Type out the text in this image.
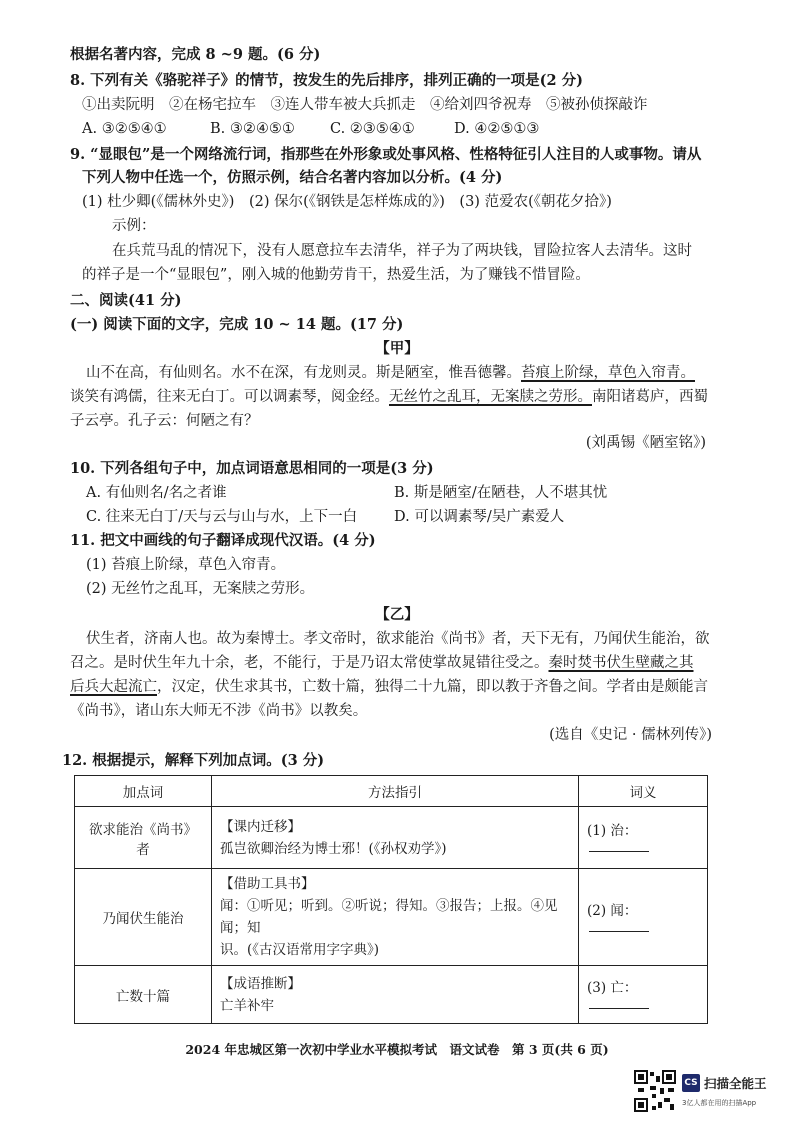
根据名著内容，完成 8 ~9 题。(6 分)
8. 下列有关《骆驼祥子》的情节，按发生的先后排序，排列正确的一项是(2 分)
①出卖阮明　②在杨宅拉车　③连人带车被大兵抓走　④给刘四爷祝寿　⑤被孙侦探敲诈
A. ③②⑤④①	B. ③②④⑤① C. ②③⑤④①	D. ④②⑤①③
9. “显眼包”是一个网络流行词，指那些在外形象或处事风格、性格特征引人注目的人或事物。请从
下列人物中任选一个，仿照示例，结合名著内容加以分析。(4 分)
(1) 杜少卿(《儒林外史》)　(2) 保尔(《钢铁是怎样炼成的》)　(3) 范爱农(《朝花夕拾》)
示例：
在兵荒马乱的情况下，没有人愿意拉车去清华，祥子为了两块钱，冒险拉客人去清华。这时
的祥子是一个“显眼包”，刚入城的他勤劳肯干，热爱生活，为了赚钱不惜冒险。
二、阅读(41 分)
(一) 阅读下面的文字，完成 10 ~ 14 题。(17 分)
【甲】
山不在高，有仙则名。水不在深，有龙则灵。斯是陋室，惟吾德馨。苔痕上阶绿，草色入帘青。
谈笑有鸿儒，往来无白丁。可以调素琴，阅金经。无丝竹之乱耳，无案牍之劳形。南阳诸葛庐，西蜀
子云亭。孔子云：何陋之有？
(刘禹锡《陋室铭》)
10. 下列各组句子中，加点词语意思相同的一项是(3 分)
A. 有仙则名/名之者谁	B. 斯是陋室/在陋巷，人不堪其忧
C. 往来无白丁/天与云与山与水，上下一白	D. 可以调素琴/吴广素爱人
11. 把文中画线的句子翻译成现代汉语。(4 分)
(1) 苔痕上阶绿，草色入帘青。
(2) 无丝竹之乱耳，无案牍之劳形。
【乙】
伏生者，济南人也。故为秦博士。孝文帝时，欲求能治《尚书》者，天下无有，乃闻伏生能治，欲
召之。是时伏生年九十余，老，不能行，于是乃诏太常使掌故晁错往受之。秦时焚书伏生壁藏之其
后兵大起流亡，汉定，伏生求其书，亡数十篇，独得二十九篇，即以教于齐鲁之间。学者由是颇能言
《尚书》，诸山东大师无不涉《尚书》以教矣。
(选自《史记 · 儒林列传》)
12. 根据提示，解释下列加点词。(3 分)
加点词	方法指引	词义
欲求能治《尚书》者	【课内迁移】
孤岂欲卿治经为博士邪！(《孙权劝学》)	(1) 治：
乃闻伏生能治	【借助工具书】
闻：①听见；听到。②听说；得知。③报告；上报。④见闻；知
识。(《古汉语常用字字典》)	(2) 闻：
亡数十篇	【成语推断】
亡羊补牢	(3) 亡：
2024 年忠城区第一次初中学业水平模拟考试　语文试卷　第 3 页(共 6 页)
CS 扫描全能王
3亿人都在用的扫描App
